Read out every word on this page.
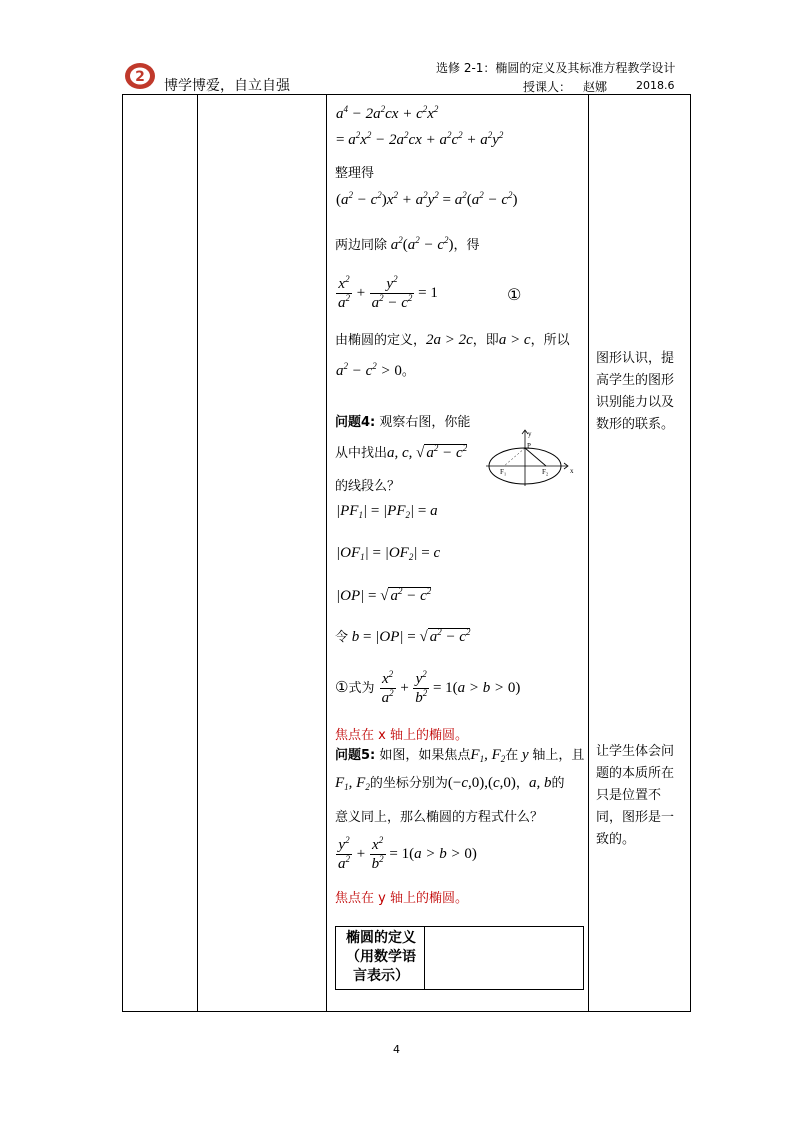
2
博学博爱，自立自强
选修 2-1：椭圆的定义及其标准方程教学设计
授课人： 赵娜	2018.6
$a^4 - 2a^2cx + c^2x^2$
= $a^2x^2 - 2a^2cx + a^2c^2 + a^2y^2$
整理得
$(a^2 - c^2)x^2 + a^2y^2 = a^2(a^2 - c^2)$
两边同除 $a^2(a^2 - c^2)$，得
$\frac{x^2}{a^2} + \frac{y^2}{a^2 - c^2} = 1$	①
由椭圆的定义，2a > 2c，即a > c，所以
$a^2 - c^2 > 0$。
问题4: 观察右图，你能
从中找出a, c, √ $a^2 - c^2$
的线段么？
y
x
P
F₁	F₂
$|PF_1| = |PF_2| = a$
$|OF_1| = |OF_2| = c$
|OP| = √ $a^2 - c^2$
令 b = |OP| = √ $a^2 - c^2$
①式为 $\frac{x^2}{a^2} + \frac{y^2}{b^2} = 1(a > b > 0)$
焦点在 x 轴上的椭圆。
问题5: 如图，如果焦点$F_1$, $F_2$在 y 轴上，且
$F_1$, $F_2$的坐标分别为(−c,0),(c,0)，a, b的
意义同上，那么椭圆的方程式什么？
$\frac{y^2}{a^2} + \frac{x^2}{b^2} = 1(a > b > 0)$
焦点在 y 轴上的椭圆。
椭圆的定义（用数学语言表示）
图形认识，提高学生的图形识别能力以及数形的联系。
让学生体会问题的本质所在只是位置不同，图形是一致的。
4
